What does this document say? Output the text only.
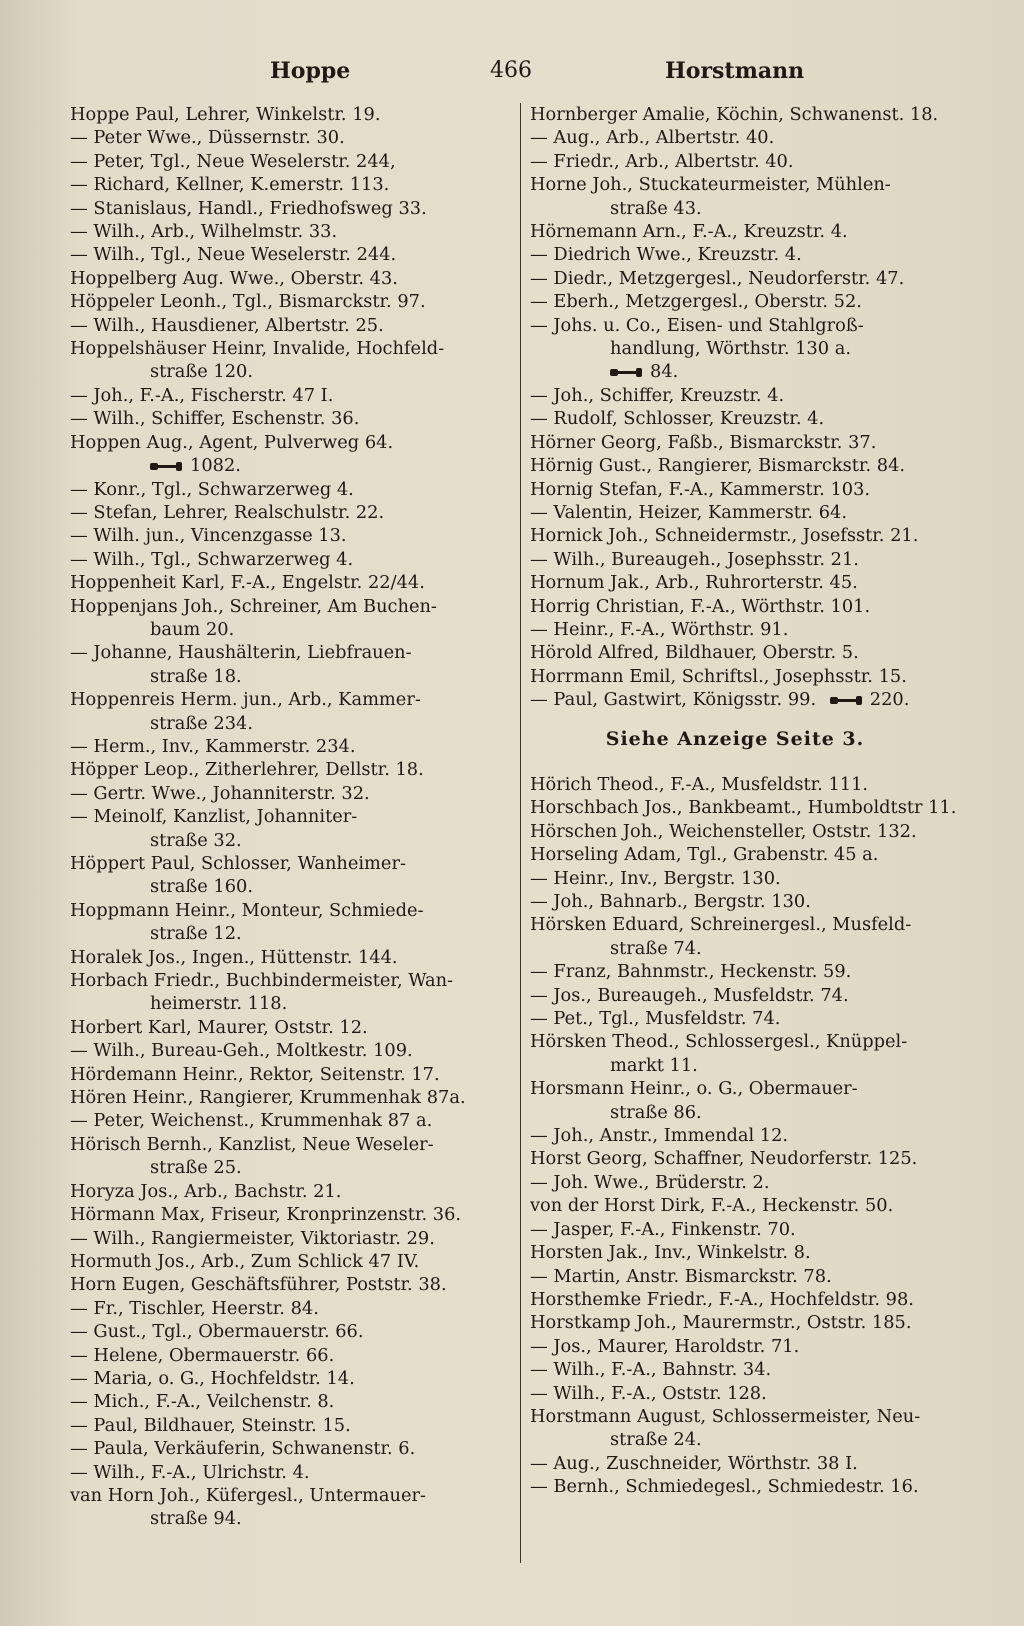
Hoppe	466	Horstmann
Hoppe Paul, Lehrer, Winkelstr. 19.
— Peter Wwe., Düssernstr. 30.
— Peter, Tgl., Neue Weselerstr. 244,
— Richard, Kellner, K.emerstr. 113.
— Stanislaus, Handl., Friedhofsweg 33.
— Wilh., Arb., Wilhelmstr. 33.
— Wilh., Tgl., Neue Weselerstr. 244.
Hoppelberg Aug. Wwe., Oberstr. 43.
Höppeler Leonh., Tgl., Bismarckstr. 97.
— Wilh., Hausdiener, Albertstr. 25.
Hoppelshäuser Heinr, Invalide, Hochfeld-
straße 120.
— Joh., F.-A., Fischerstr. 47 I.
— Wilh., Schiffer, Eschenstr. 36.
Hoppen Aug., Agent, Pulverweg 64.
1082.
— Konr., Tgl., Schwarzerweg 4.
— Stefan, Lehrer, Realschulstr. 22.
— Wilh. jun., Vincenzgasse 13.
— Wilh., Tgl., Schwarzerweg 4.
Hoppenheit Karl, F.-A., Engelstr. 22/44.
Hoppenjans Joh., Schreiner, Am Buchen-
baum 20.
— Johanne, Haushälterin, Liebfrauen-
straße 18.
Hoppenreis Herm. jun., Arb., Kammer-
straße 234.
— Herm., Inv., Kammerstr. 234.
Höpper Leop., Zitherlehrer, Dellstr. 18.
— Gertr. Wwe., Johanniterstr. 32.
— Meinolf, Kanzlist, Johanniter-
straße 32.
Höppert Paul, Schlosser, Wanheimer-
straße 160.
Hoppmann Heinr., Monteur, Schmiede-
straße 12.
Horalek Jos., Ingen., Hüttenstr. 144.
Horbach Friedr., Buchbindermeister, Wan-
heimerstr. 118.
Horbert Karl, Maurer, Oststr. 12.
— Wilh., Bureau-Geh., Moltkestr. 109.
Hördemann Heinr., Rektor, Seitenstr. 17.
Hören Heinr., Rangierer, Krummenhak 87a.
— Peter, Weichenst., Krummenhak 87 a.
Hörisch Bernh., Kanzlist, Neue Weseler-
straße 25.
Horyza Jos., Arb., Bachstr. 21.
Hörmann Max, Friseur, Kronprinzenstr. 36.
— Wilh., Rangiermeister, Viktoriastr. 29.
Hormuth Jos., Arb., Zum Schlick 47 IV.
Horn Eugen, Geschäftsführer, Poststr. 38.
— Fr., Tischler, Heerstr. 84.
— Gust., Tgl., Obermauerstr. 66.
— Helene, Obermauerstr. 66.
— Maria, o. G., Hochfeldstr. 14.
— Mich., F.-A., Veilchenstr. 8.
— Paul, Bildhauer, Steinstr. 15.
— Paula, Verkäuferin, Schwanenstr. 6.
— Wilh., F.-A., Ulrichstr. 4.
van Horn Joh., Küfergesl., Untermauer-
straße 94.
Hornberger Amalie, Köchin, Schwanenst. 18.
— Aug., Arb., Albertstr. 40.
— Friedr., Arb., Albertstr. 40.
Horne Joh., Stuckateurmeister, Mühlen-
straße 43.
Hörnemann Arn., F.-A., Kreuzstr. 4.
— Diedrich Wwe., Kreuzstr. 4.
— Diedr., Metzgergesl., Neudorferstr. 47.
— Eberh., Metzgergesl., Oberstr. 52.
— Johs. u. Co., Eisen- und Stahlgroß-
handlung, Wörthstr. 130 a.
84.
— Joh., Schiffer, Kreuzstr. 4.
— Rudolf, Schlosser, Kreuzstr. 4.
Hörner Georg, Faßb., Bismarckstr. 37.
Hörnig Gust., Rangierer, Bismarckstr. 84.
Hornig Stefan, F.-A., Kammerstr. 103.
— Valentin, Heizer, Kammerstr. 64.
Hornick Joh., Schneidermstr., Josefsstr. 21.
— Wilh., Bureaugeh., Josephsstr. 21.
Hornum Jak., Arb., Ruhrorterstr. 45.
Horrig Christian, F.-A., Wörthstr. 101.
— Heinr., F.-A., Wörthstr. 91.
Hörold Alfred, Bildhauer, Oberstr. 5.
Horrmann Emil, Schriftsl., Josephsstr. 15.
— Paul, Gastwirt, Königsstr. 99.	220.
Siehe Anzeige Seite 3.
Hörich Theod., F.-A., Musfeldstr. 111.
Horschbach Jos., Bankbeamt., Humboldtstr 11.
Hörschen Joh., Weichensteller, Oststr. 132.
Horseling Adam, Tgl., Grabenstr. 45 a.
— Heinr., Inv., Bergstr. 130.
— Joh., Bahnarb., Bergstr. 130.
Hörsken Eduard, Schreinergesl., Musfeld-
straße 74.
— Franz, Bahnmstr., Heckenstr. 59.
— Jos., Bureaugeh., Musfeldstr. 74.
— Pet., Tgl., Musfeldstr. 74.
Hörsken Theod., Schlossergesl., Knüppel-
markt 11.
Horsmann Heinr., o. G., Obermauer-
straße 86.
— Joh., Anstr., Immendal 12.
Horst Georg, Schaffner, Neudorferstr. 125.
— Joh. Wwe., Brüderstr. 2.
von der Horst Dirk, F.-A., Heckenstr. 50.
— Jasper, F.-A., Finkenstr. 70.
Horsten Jak., Inv., Winkelstr. 8.
— Martin, Anstr. Bismarckstr. 78.
Horsthemke Friedr., F.-A., Hochfeldstr. 98.
Horstkamp Joh., Maurermstr., Oststr. 185.
— Jos., Maurer, Haroldstr. 71.
— Wilh., F.-A., Bahnstr. 34.
— Wilh., F.-A., Oststr. 128.
Horstmann August, Schlossermeister, Neu-
straße 24.
— Aug., Zuschneider, Wörthstr. 38 I.
— Bernh., Schmiedegesl., Schmiedestr. 16.
